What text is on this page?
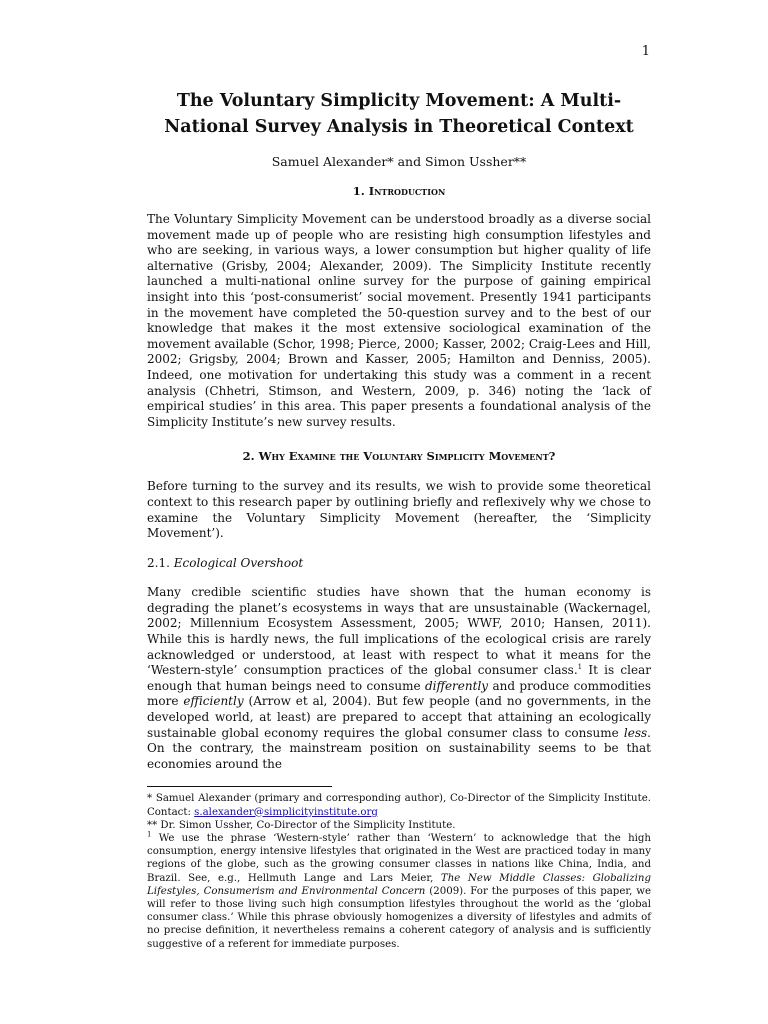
1
The Voluntary Simplicity Movement: A Multi-National Survey Analysis in Theoretical Context
Samuel Alexander* and Simon Ussher**
1. Introduction

The Voluntary Simplicity Movement can be understood broadly as a diverse social movement made up of people who are resisting high consumption lifestyles and who are seeking, in various ways, a lower consumption but higher quality of life alternative (Grisby, 2004; Alexander, 2009). The Simplicity Institute recently launched a multi-national online survey for the purpose of gaining empirical insight into this ‘post-consumerist’ social movement. Presently 1941 participants in the movement have completed the 50-question survey and to the best of our knowledge that makes it the most extensive sociological examination of the movement available (Schor, 1998; Pierce, 2000; Kasser, 2002; Craig-Lees and Hill, 2002; Grigsby, 2004; Brown and Kasser, 2005; Hamilton and Denniss, 2005). Indeed, one motivation for undertaking this study was a comment in a recent analysis (Chhetri, Stimson, and Western, 2009, p. 346) noting the ‘lack of empirical studies’ in this area. This paper presents a foundational analysis of the Simplicity Institute’s new survey results.

2. Why Examine the Voluntary Simplicity Movement?

Before turning to the survey and its results, we wish to provide some theoretical context to this research paper by outlining briefly and reflexively why we chose to examine the Voluntary Simplicity Movement (hereafter, the ‘Simplicity Movement’).

2.1. Ecological Overshoot

Many credible scientific studies have shown that the human economy is degrading the planet’s ecosystems in ways that are unsustainable (Wackernagel, 2002; Millennium Ecosystem Assessment, 2005; WWF, 2010; Hansen, 2011). While this is hardly news, the full implications of the ecological crisis are rarely acknowledged or understood, at least with respect to what it means for the ‘Western-style’ consumption practices of the global consumer class.$^1$ It is clear enough that human beings need to consume differently and produce commodities more efficiently (Arrow et al, 2004). But few people (and no governments, in the developed world, at least) are prepared to accept that attaining an ecologically sustainable global economy requires the global consumer class to consume less. On the contrary, the mainstream position on sustainability seems to be that economies around the

* Samuel Alexander (primary and corresponding author), Co-Director of the Simplicity Institute. Contact: s.alexander@simplicityinstitute.org

** Dr. Simon Ussher, Co-Director of the Simplicity Institute.

$^1$ We use the phrase ‘Western-style’ rather than ‘Western’ to acknowledge that the high consumption, energy intensive lifestyles that originated in the West are practiced today in many regions of the globe, such as the growing consumer classes in nations like China, India, and Brazil. See, e.g., Hellmuth Lange and Lars Meier, The New Middle Classes: Globalizing Lifestyles, Consumerism and Environmental Concern (2009). For the purposes of this paper, we will refer to those living such high consumption lifestyles throughout the world as the ‘global consumer class.’ While this phrase obviously homogenizes a diversity of lifestyles and admits of no precise definition, it nevertheless remains a coherent category of analysis and is sufficiently suggestive of a referent for immediate purposes.
